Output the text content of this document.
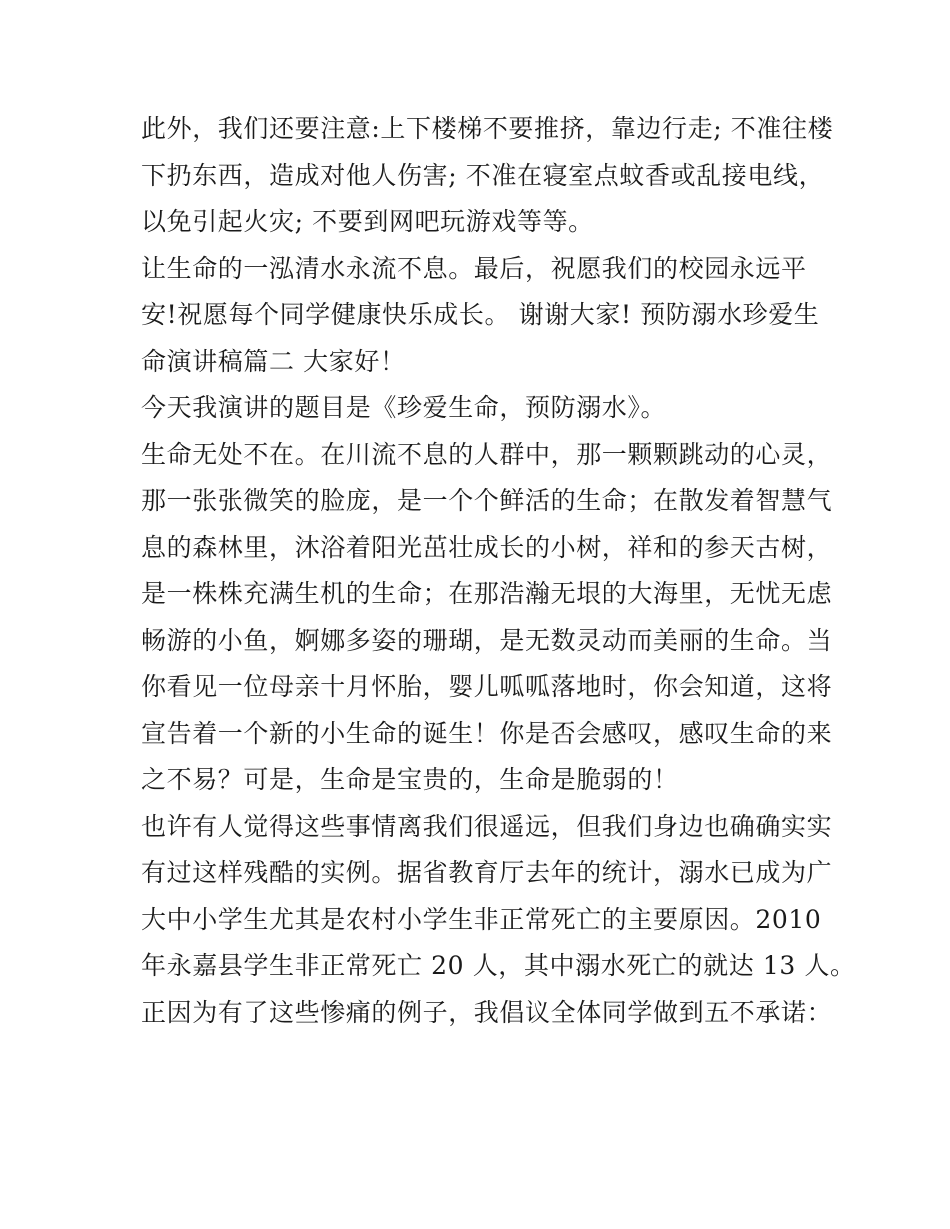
此外，我们还要注意:上下楼梯不要推挤，靠边行走; 不准往楼
下扔东西，造成对他人伤害; 不准在寝室点蚊香或乱接电线，
以免引起火灾; 不要到网吧玩游戏等等。
让生命的一泓清水永流不息。最后，祝愿我们的校园永远平
安!祝愿每个同学健康快乐成长。 谢谢大家! 预防溺水珍爱生
命演讲稿篇二 大家好！
今天我演讲的题目是《珍爱生命，预防溺水》。
生命无处不在。在川流不息的人群中，那一颗颗跳动的心灵，
那一张张微笑的脸庞，是一个个鲜活的生命；在散发着智慧气
息的森林里，沐浴着阳光茁壮成长的小树，祥和的参天古树，
是一株株充满生机的生命；在那浩瀚无垠的大海里，无忧无虑
畅游的小鱼，婀娜多姿的珊瑚，是无数灵动而美丽的生命。当
你看见一位母亲十月怀胎，婴儿呱呱落地时，你会知道，这将
宣告着一个新的小生命的诞生！你是否会感叹，感叹生命的来
之不易？可是，生命是宝贵的，生命是脆弱的！
也许有人觉得这些事情离我们很遥远，但我们身边也确确实实
有过这样残酷的实例。据省教育厅去年的统计，溺水已成为广
大中小学生尤其是农村小学生非正常死亡的主要原因。2010
年永嘉县学生非正常死亡 20 人，其中溺水死亡的就达 13 人。
正因为有了这些惨痛的例子，我倡议全体同学做到五不承诺：
